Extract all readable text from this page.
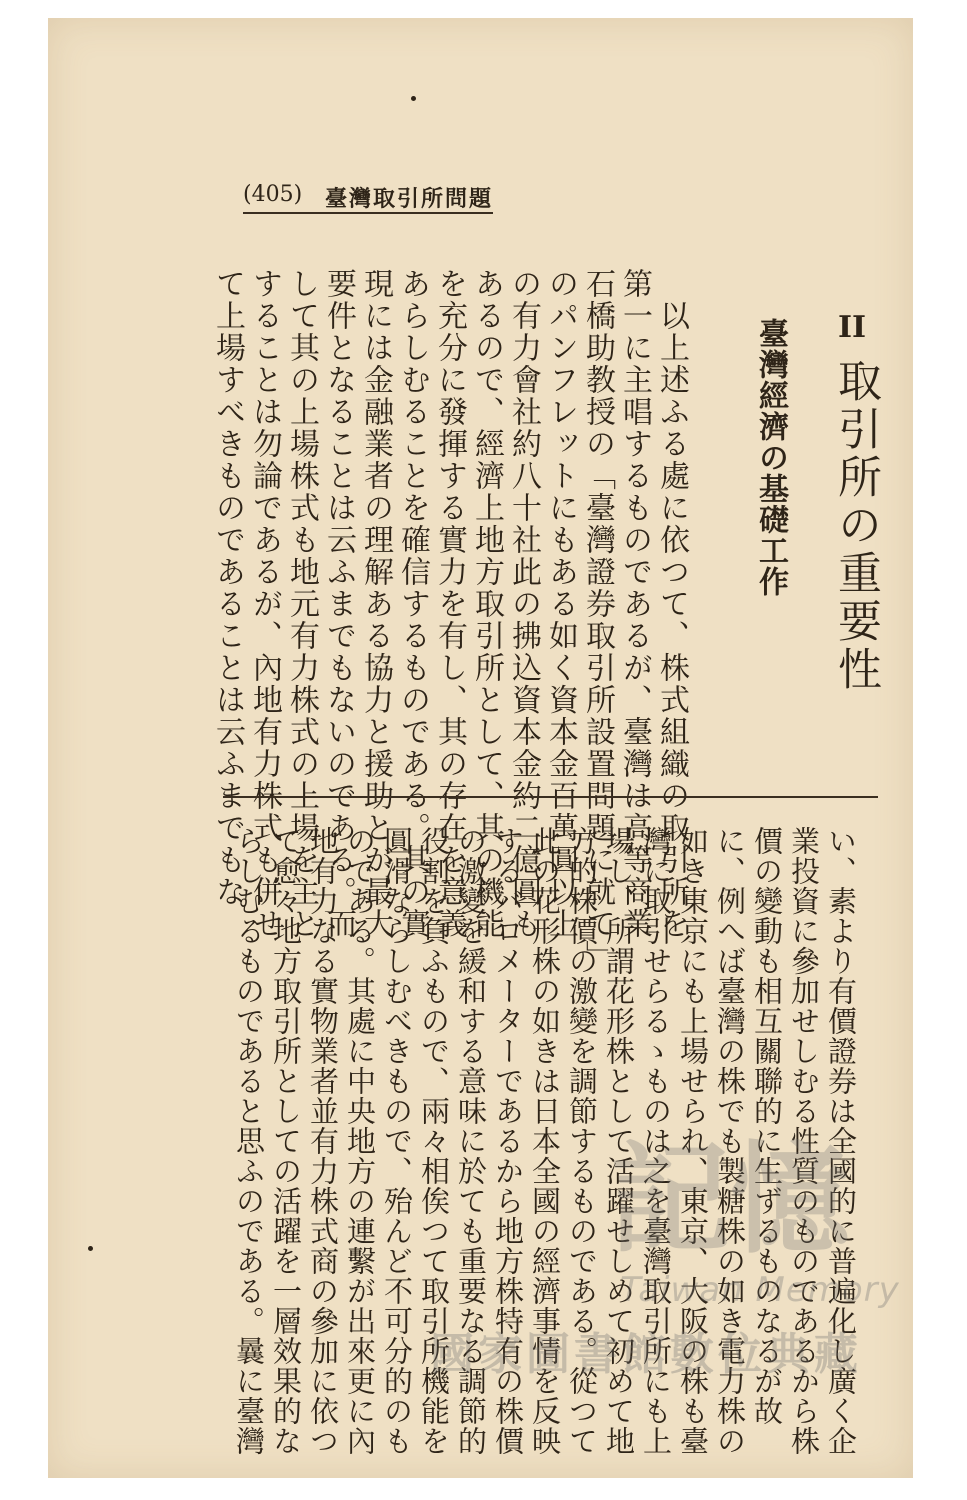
(405) 臺灣取引所問題
II
取引所の重要性
臺灣經濟の基礎工作
　以上述ふる處に依つて、株式組織の取引所を
第一に主唱するものであるが、臺灣は高等商業
石橋助教授の「臺灣證券取引所設置問題に就て」
のパンフレットにもある如く資本金百萬圓以上
の有力會社約八十社此の拂込資本金約二億圓も
あるので、經濟上地方取引所として、其の機能
を充分に發揮する實力を有し、其の存在を意義
あらしむることを確信するものである。其の實
現には金融業者の理解ある協力と援助とが最大
要件となることは云ふまでもないのである。而
して其の上場株式も地元有力株式の上場を主と
することは勿論であるが、內地有力株式も併せ
て上場すべきものであることは云ふまでもな
い、素より有價證券は全國的に普遍化し廣く企
業投資に參加せしむる性質のものであるから株
價の變動も相互關聯的に生ずるものなるが故
に、例へば臺灣の株でも製糖株の如き電力株の
如き東京にも上場せられ、東京、大阪の株も臺
灣に取引せらるゝものは之を臺灣取引所にも上
場し、所謂花形株として活躍せしめて初めて地
方的株價の激變を調節するものである。從つて
此の花形株の如きは日本全國の經濟事情を反映
するバロメーターであるから地方株特有の株價
の激變を緩和する意味に於ても重要なる調節的
役割を負ふもので、兩々相俟つて取引所機能を
圓滑ならしむべきもので、殆んど不可分的のも
のである。其處に中央地方の連繫が出來更に內
地有力なる實物業者並有力株式商の參加に依つ
て愈々地方取引所としての活躍を一層效果的な
らしむるものであると思ふのである。曩に臺灣	記憶
Taiwan Memory
國家圖書館數位典藏
